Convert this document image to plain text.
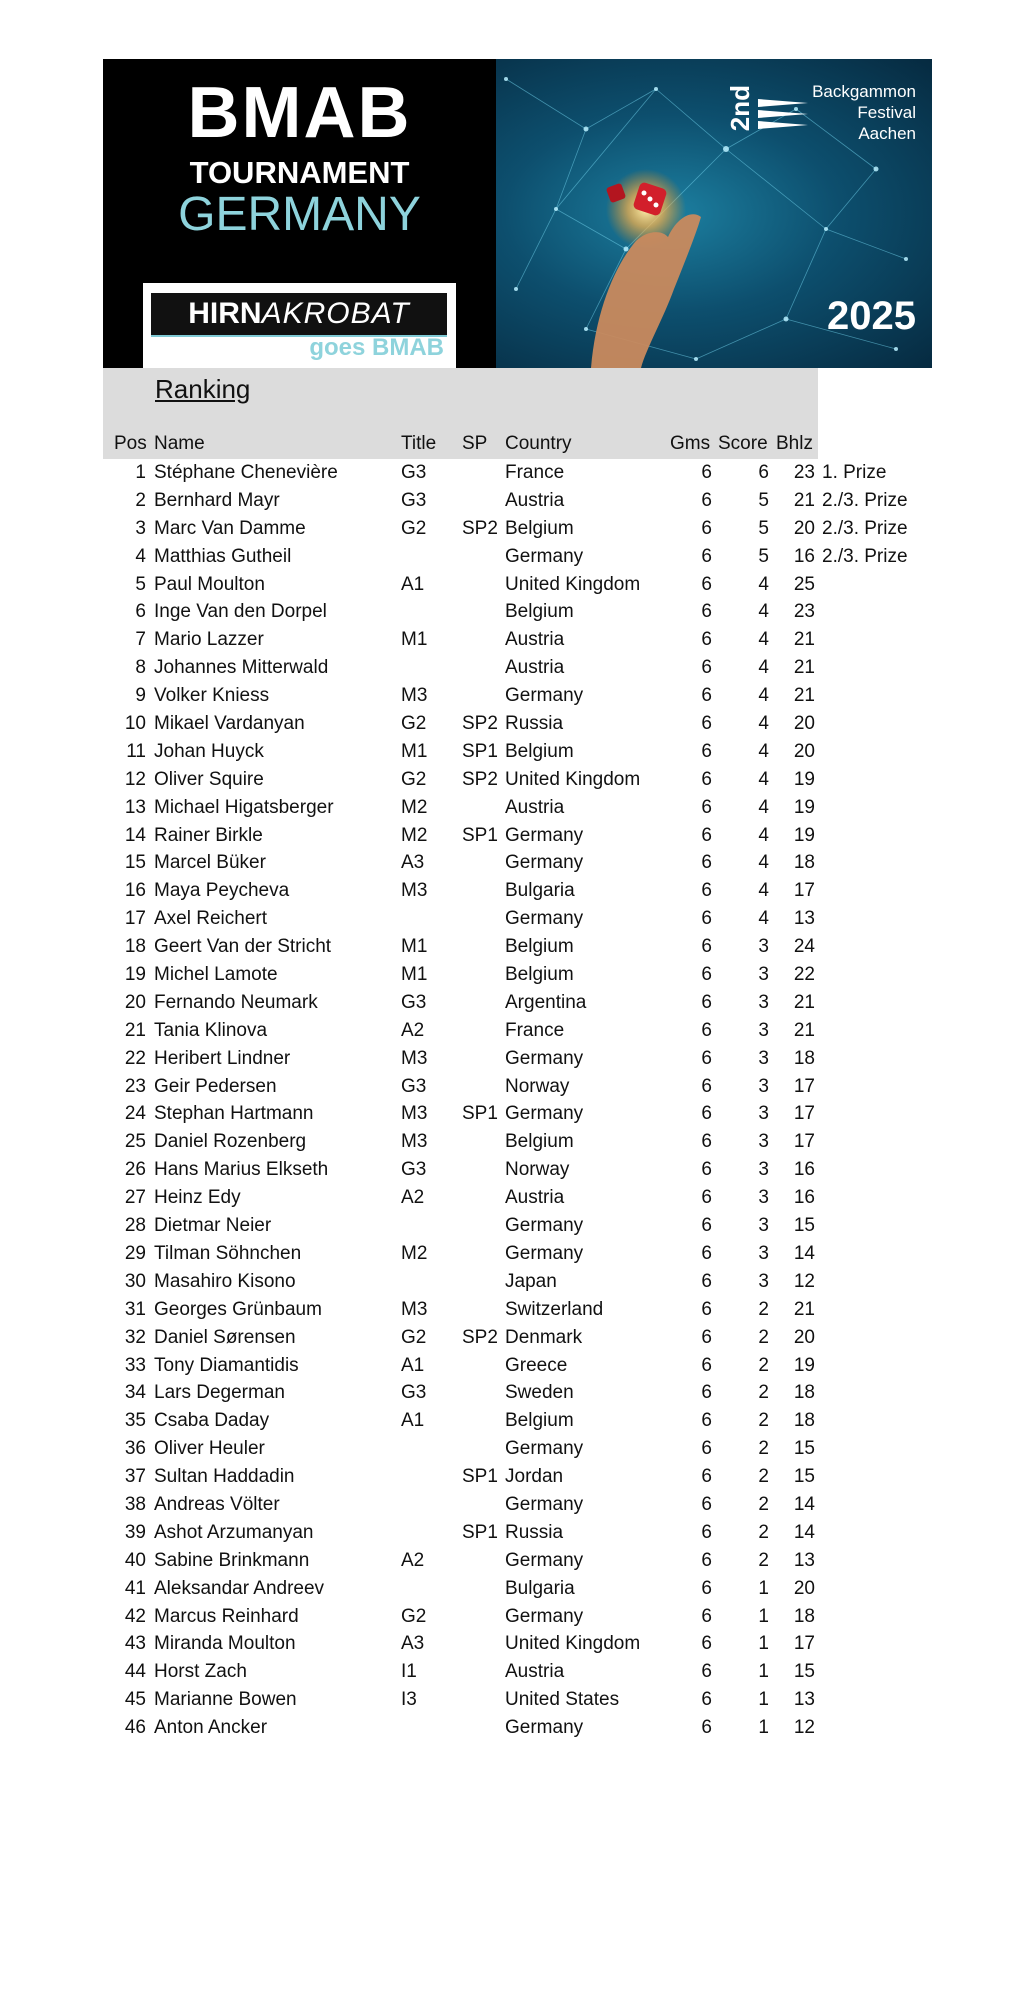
BMAB
TOURNAMENT
GERMANY
HIRNAKROBAT
goes BMAB
2nd	Backgammon
Festival
Aachen
2025
Ranking
Pos Name	Title SP Country	Gms Score Bhlz
1 Stéphane Chenevière	G3	France	6	6	23 1. Prize
2 Bernhard Mayr	G3	Austria	6	5	21 2./3. Prize
3 Marc Van Damme	G2 SP2 Belgium	6	5	20 2./3. Prize
4 Matthias Gutheil	Germany	6	5	16 2./3. Prize
5 Paul Moulton	A1	United Kingdom	6	4	25
6 Inge Van den Dorpel	Belgium	6	4	23
7 Mario Lazzer	M1	Austria	6	4	21
8 Johannes Mitterwald	Austria	6	4	21
9 Volker Kniess	M3	Germany	6	4	21
10 Mikael Vardanyan	G2 SP2 Russia	6	4	20
11 Johan Huyck	M1 SP1 Belgium	6	4	20
12 Oliver Squire	G2 SP2 United Kingdom	6	4	19
13 Michael Higatsberger	M2	Austria	6	4	19
14 Rainer Birkle	M2 SP1 Germany	6	4	19
15 Marcel Büker	A3	Germany	6	4	18
16 Maya Peycheva	M3	Bulgaria	6	4	17
17 Axel Reichert	Germany	6	4	13
18 Geert Van der Stricht	M1	Belgium	6	3	24
19 Michel Lamote	M1	Belgium	6	3	22
20 Fernando Neumark	G3	Argentina	6	3	21
21 Tania Klinova	A2	France	6	3	21
22 Heribert Lindner	M3	Germany	6	3	18
23 Geir Pedersen	G3	Norway	6	3	17
24 Stephan Hartmann	M3 SP1 Germany	6	3	17
25 Daniel Rozenberg	M3	Belgium	6	3	17
26 Hans Marius Elkseth	G3	Norway	6	3	16
27 Heinz Edy	A2	Austria	6	3	16
28 Dietmar Neier	Germany	6	3	15
29 Tilman Söhnchen	M2	Germany	6	3	14
30 Masahiro Kisono	Japan	6	3	12
31 Georges Grünbaum	M3	Switzerland	6	2	21
32 Daniel Sørensen	G2 SP2 Denmark	6	2	20
33 Tony Diamantidis	A1	Greece	6	2	19
34 Lars Degerman	G3	Sweden	6	2	18
35 Csaba Daday	A1	Belgium	6	2	18
36 Oliver Heuler	Germany	6	2	15
37 Sultan Haddadin	SP1 Jordan	6	2	15
38 Andreas Völter	Germany	6	2	14
39 Ashot Arzumanyan	SP1 Russia	6	2	14
40 Sabine Brinkmann	A2	Germany	6	2	13
41 Aleksandar Andreev	Bulgaria	6	1	20
42 Marcus Reinhard	G2	Germany	6	1	18
43 Miranda Moulton	A3	United Kingdom	6	1	17
44 Horst Zach	I1	Austria	6	1	15
45 Marianne Bowen	I3	United States	6	1	13
46 Anton Ancker	Germany	6	1	12
